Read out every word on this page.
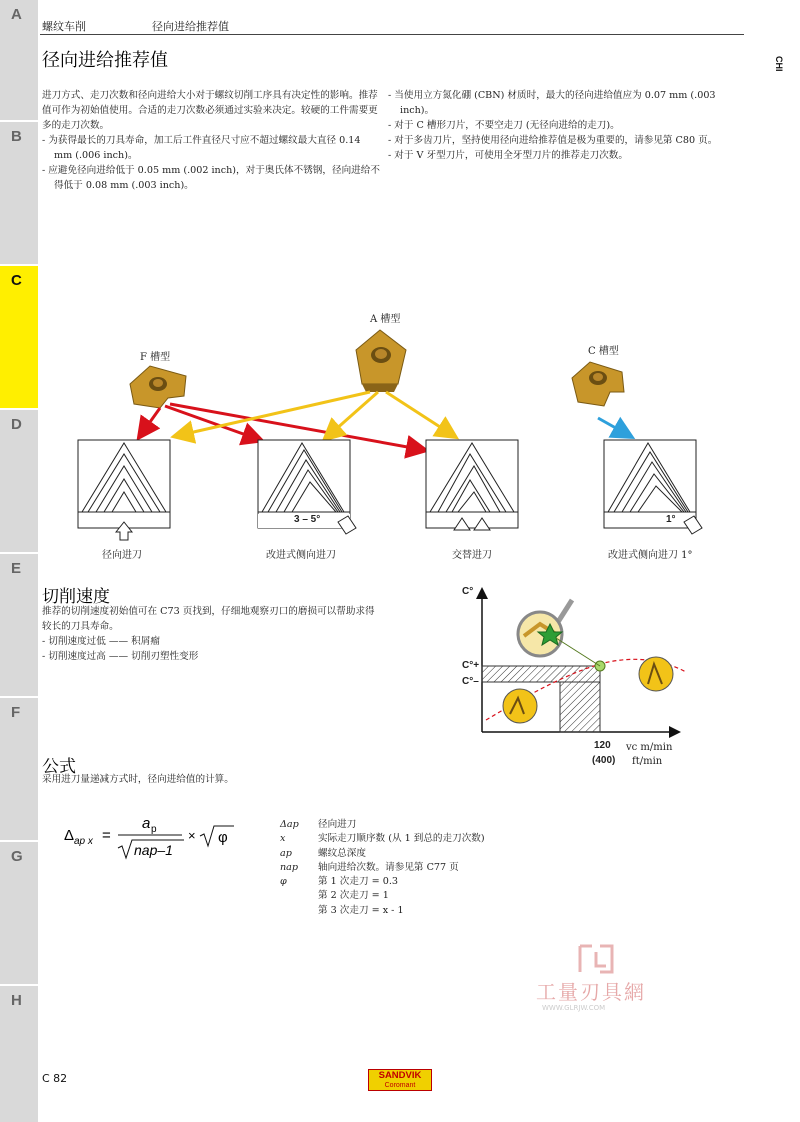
A
B
C
D
E
F
G
H
螺纹车削	径向进给推荐值
CHI
径向进给推荐值

进刀方式、走刀次数和径向进给大小对于螺纹切削工序具有决定性的影响。推荐值可作为初始值使用。合适的走刀次数必须通过实验来决定。较硬的工件需要更多的走刀次数。

- 为获得最长的刀具寿命，加工后工件直径尺寸应不超过螺纹最大直径 0.14 mm (.006 inch)。

- 应避免径向进给低于 0.05 mm (.002 inch)，对于奥氏体不锈钢，径向进给不得低于 0.08 mm (.003 inch)。

- 当使用立方氮化硼 (CBN) 材质时，最大的径向进给值应为 0.07 mm (.003 inch)。

- 对于 C 槽形刀片，不要空走刀 (无径向进给的走刀)。

- 对于多齿刀片，坚持使用径向进给推荐值是极为重要的，请参见第 C80 页。

- 对于 V 牙型刀片，可使用全牙型刀片的推荐走刀次数。

A 槽型
F 槽型
C 槽型
3 – 5°	1°
径向进刀	改进式侧向进刀	交替进刀	改进式侧向进刀 1°
切削速度

推荐的切削速度初始值可在 C73 页找到，仔细地观察刃口的磨损可以帮助求得较长的刀具寿命。

- 切削速度过低 —— 积屑瘤

- 切削速度过高 —— 切削刃塑性变形

C°
C°+
C°–
120
(400)
vc m/min
ft/min
公式
采用进刀量递减方式时，径向进给值的计算。
Δ ap x =
a p
nap–1
× φ
Δap	径向进刀
x	实际走刀顺序数 (从 1 到总的走刀次数)
ap	螺纹总深度
nap	轴向进给次数。请参见第 C77 页
φ	第 1 次走刀 = 0.3
第 2 次走刀 = 1
第 3 次走刀 = x - 1
工量刃具網
WWW.GLRJW.COM
C 82	SANDVIK
Coromant
